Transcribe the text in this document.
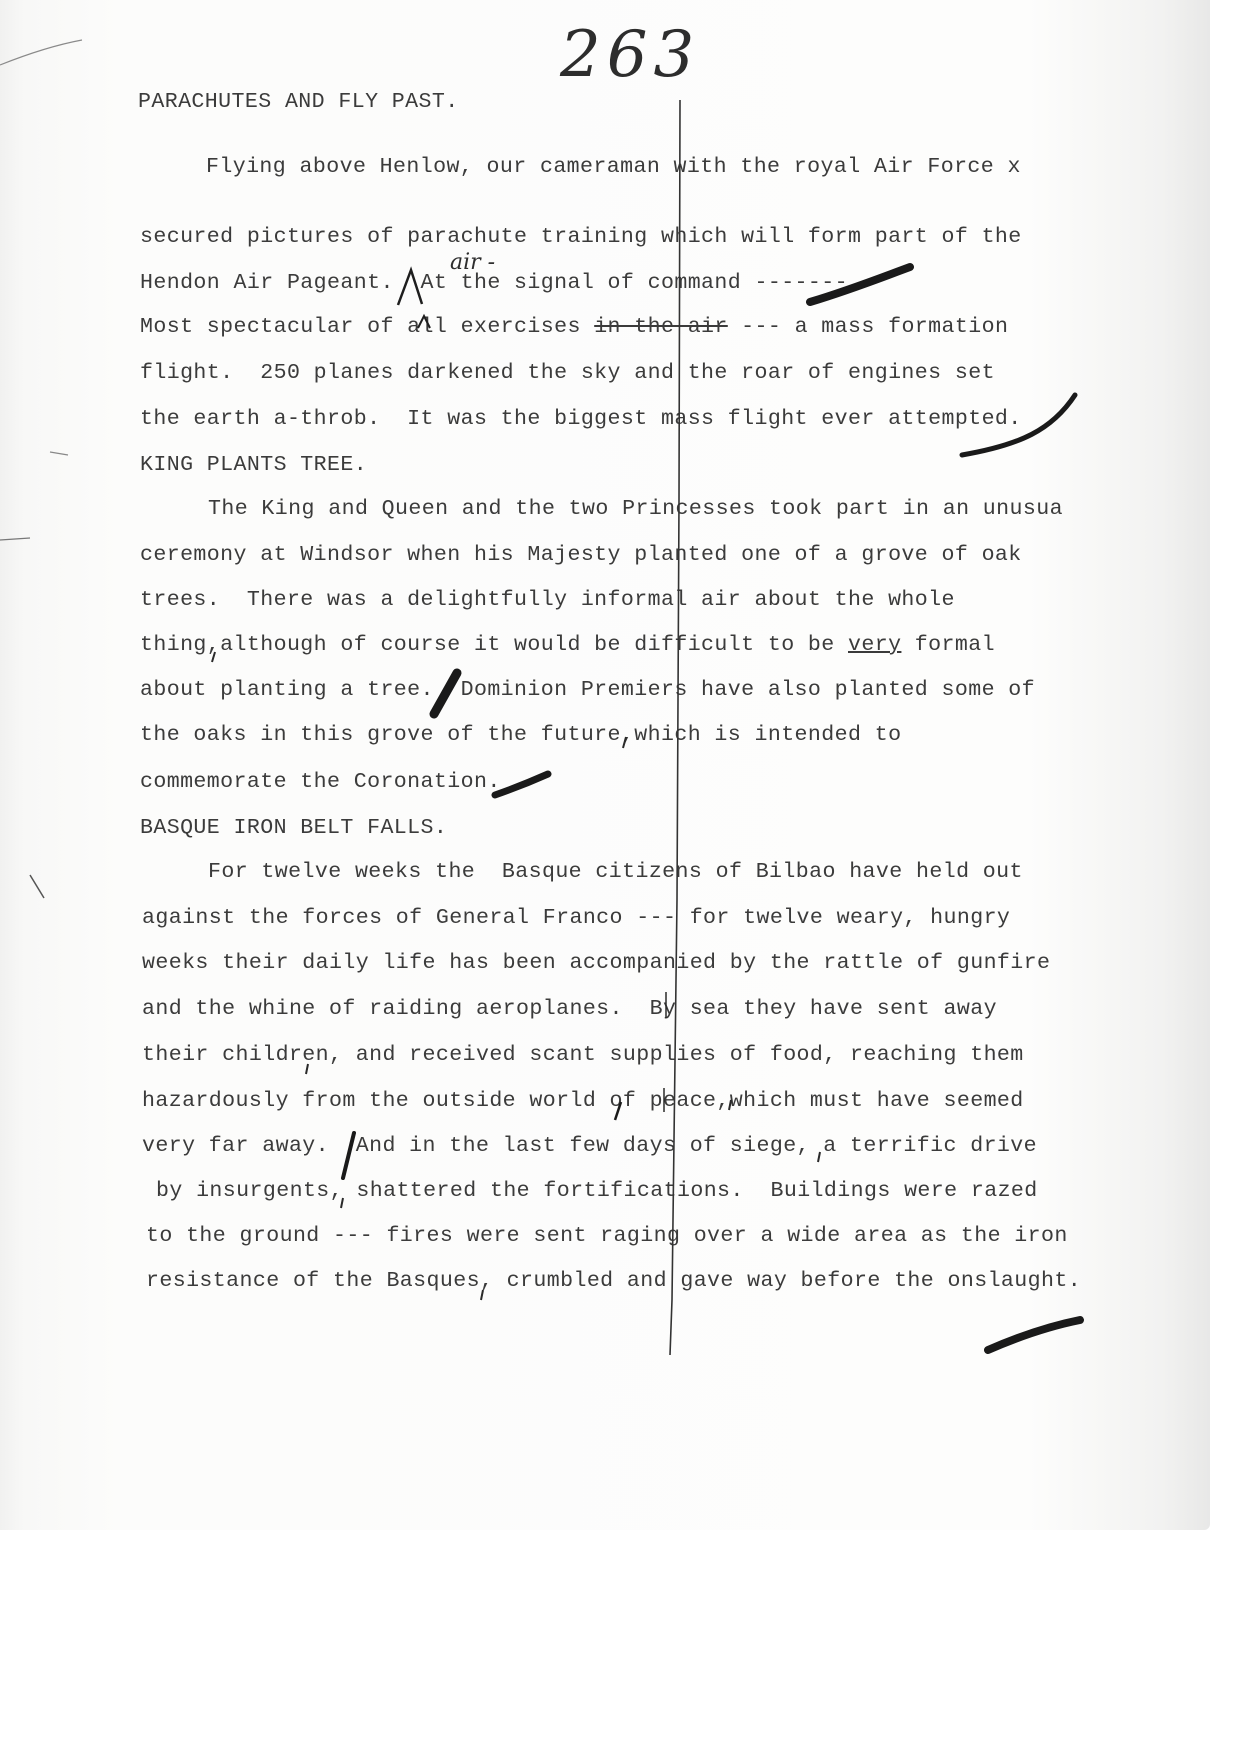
263
PARACHUTES AND FLY PAST.
Flying above Henlow, our cameraman with the royal Air Force x
secured pictures of parachute training which will form part of the
Hendon Air Pageant.  At the signal of command -------
air -
Most spectacular of all exercises in the air --- a mass formation
flight.  250 planes darkened the sky and the roar of engines set
the earth a-throb.  It was the biggest mass flight ever attempted.
KING PLANTS TREE.
The King and Queen and the two Princesses took part in an unusua
ceremony at Windsor when his Majesty planted one of a grove of oak
trees.  There was a delightfully informal air about the whole
thing,although of course it would be difficult to be very formal
about planting a tree.  Dominion Premiers have also planted some of
the oaks in this grove of the future,which is intended to
commemorate the Coronation.
BASQUE IRON BELT FALLS.
For twelve weeks the  Basque citizens of Bilbao have held out
against the forces of General Franco --- for twelve weary, hungry
weeks their daily life has been accompanied by the rattle of gunfire
and the whine of raiding aeroplanes.  By sea they have sent away
their children, and received scant supplies of food, reaching them
hazardously from the outside world of peace,which must have seemed
very far away.  And in the last few days of siege, a terrific drive
by insurgents, shattered the fortifications.  Buildings were razed
to the ground --- fires were sent raging over a wide area as the iron
resistance of the Basques, crumbled and gave way before the onslaught.
